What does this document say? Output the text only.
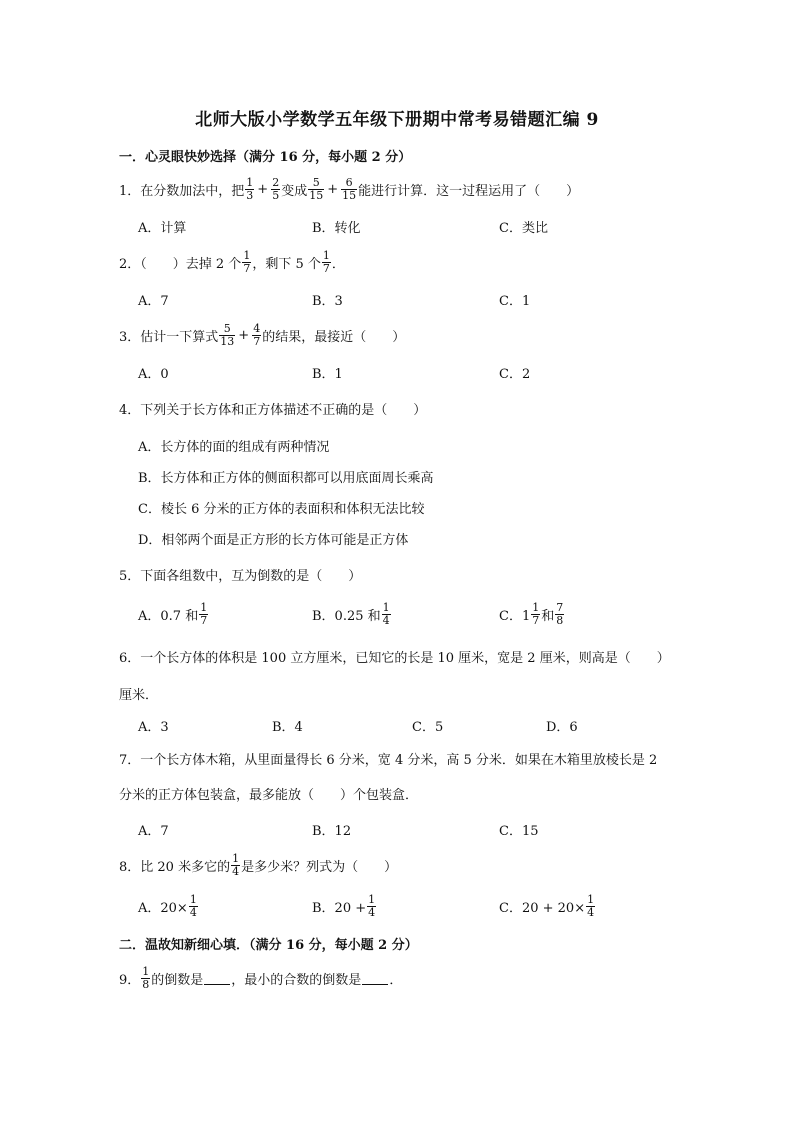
北师大版小学数学五年级下册期中常考易错题汇编 9
一．心灵眼快妙选择（满分 16 分，每小题 2 分）
1．在分数加法中，把 $\frac{1}{3} + \frac{2}{5}$ 变成 $\frac{5}{15} + \frac{6}{15}$ 能进行计算．这一过程运用了（　　）
A．计算	B．转化	C．类比
2．（　　）去掉 2 个 $\frac{1}{7}$ ，剩下 5 个 $\frac{1}{7}$ ．
A．7	B．3	C．1
3．估计一下算式 $\frac{5}{13} + \frac{4}{7}$ 的结果，最接近（　　）
A．0	B．1	C．2
4．下列关于长方体和正方体描述不正确的是（　　）
A．长方体的面的组成有两种情况
B．长方体和正方体的侧面积都可以用底面周长乘高
C．棱长 6 分米的正方体的表面积和体积无法比较
D．相邻两个面是正方形的长方体可能是正方体
5．下面各组数中，互为倒数的是（　　）
A．0.7 和 $\frac{1}{7}$	B．0.25 和 $\frac{1}{4}$	C．$1 \frac{1}{7}$ 和 $\frac{7}{8}$
6．一个长方体的体积是 100 立方厘米，已知它的长是 10 厘米，宽是 2 厘米，则高是（　　）
厘米．
A．3	B．4	C．5	D．6
7．一个长方体木箱，从里面量得长 6 分米，宽 4 分米，高 5 分米．如果在木箱里放棱长是 2
分米的正方体包装盒，最多能放（　　）个包装盒．
A．7	B．12	C．15
8．比 20 米多它的 $\frac{1}{4}$ 是多少米？列式为（　　）
A．$20\times \frac{1}{4}$	B．$20 + \frac{1}{4}$	C．$20 + 20\times \frac{1}{4}$
二．温故知新细心填．（满分 16 分，每小题 2 分）
9． $\frac{1}{8}$ 的倒数是 ，最小的合数的倒数是 ．
